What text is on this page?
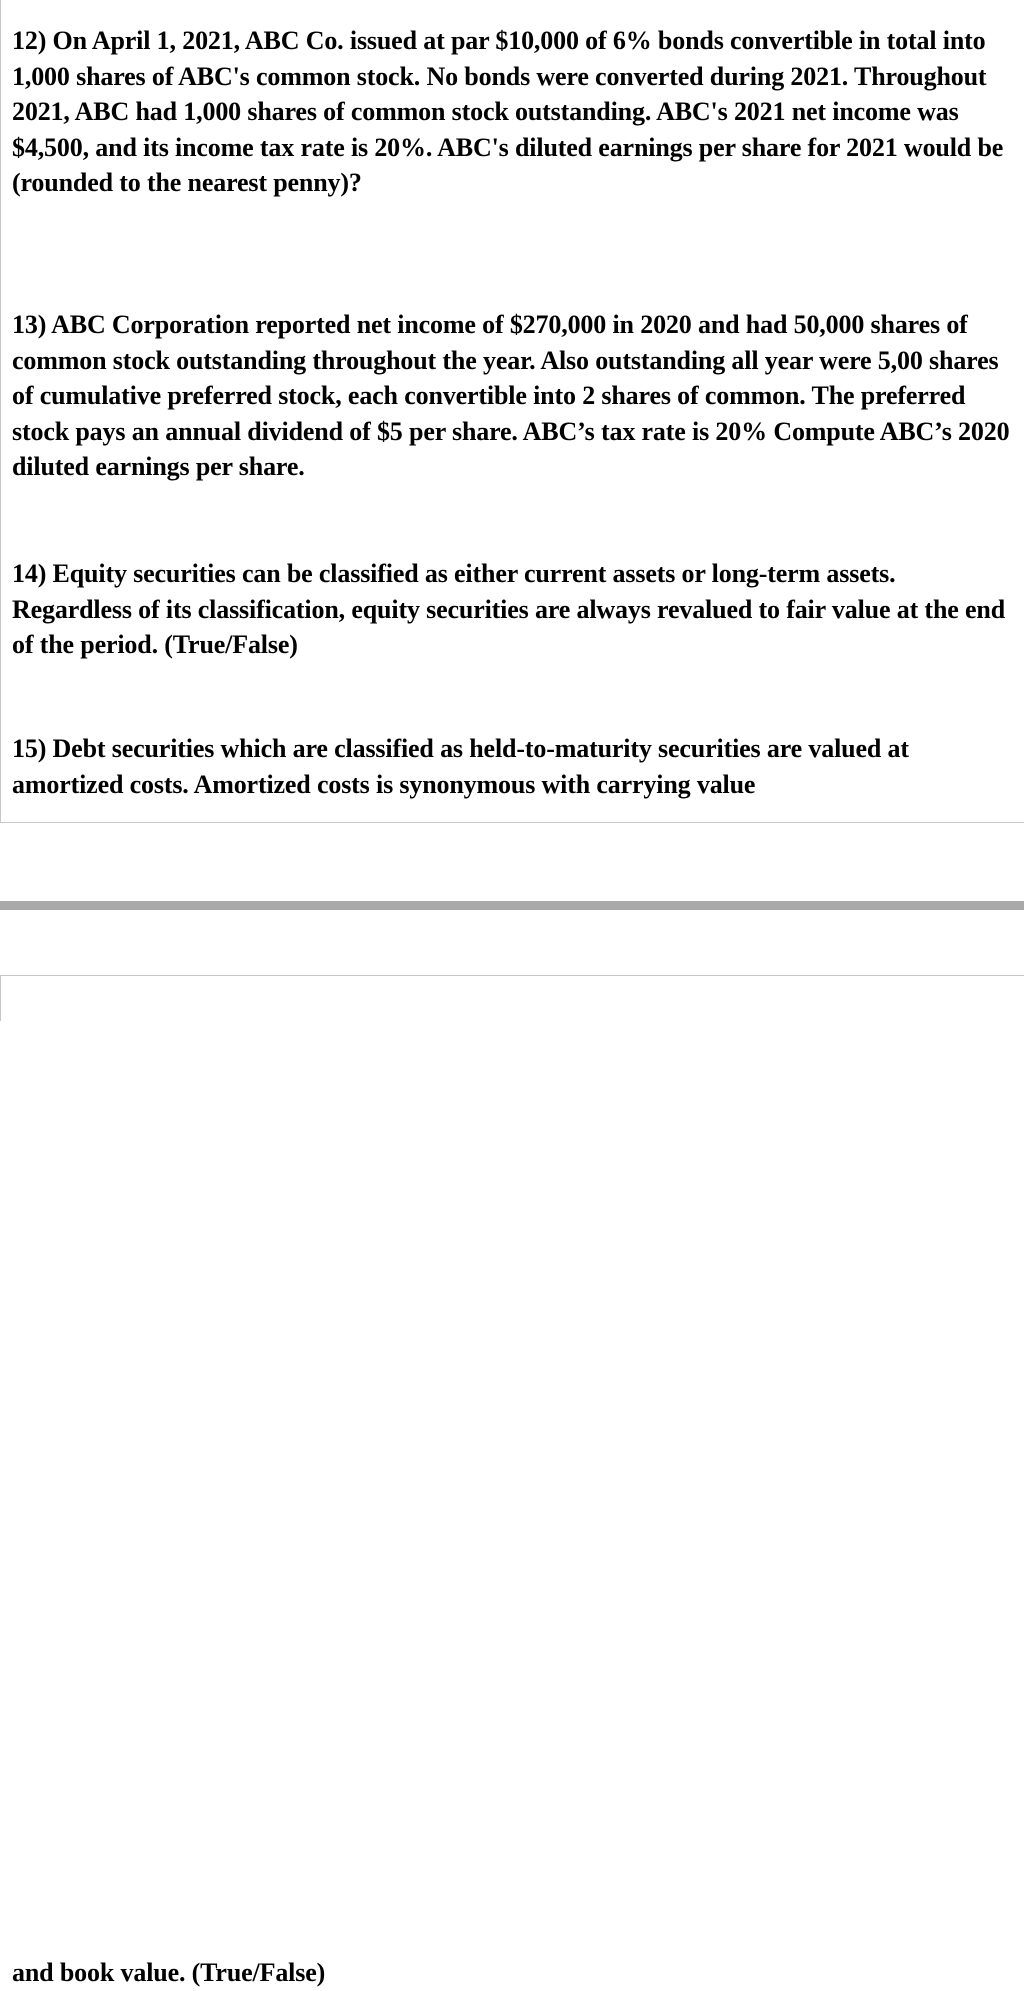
12) On April 1, 2021, ABC Co. issued at par $10,000 of 6% bonds convertible in total into 1,000 shares of ABC's common stock. No bonds were converted during 2021. Throughout 2021, ABC had 1,000 shares of common stock outstanding. ABC's 2021 net income was $4,500, and its income tax rate is 20%. ABC's diluted earnings per share for 2021 would be (rounded to the nearest penny)?

13) ABC Corporation reported net income of $270,000 in 2020 and had 50,000 shares of common stock outstanding throughout the year. Also outstanding all year were 5,00 shares of cumulative preferred stock, each convertible into 2 shares of common. The preferred stock pays an annual dividend of $5 per share. ABC’s tax rate is 20% Compute ABC’s 2020 diluted earnings per share.

14) Equity securities can be classified as either current assets or long-term assets. Regardless of its classification, equity securities are always revalued to fair value at the end of the period. (True/False)

15) Debt securities which are classified as held-to-maturity securities are valued at amortized costs. Amortized costs is synonymous with carrying value

and book value. (True/False)
